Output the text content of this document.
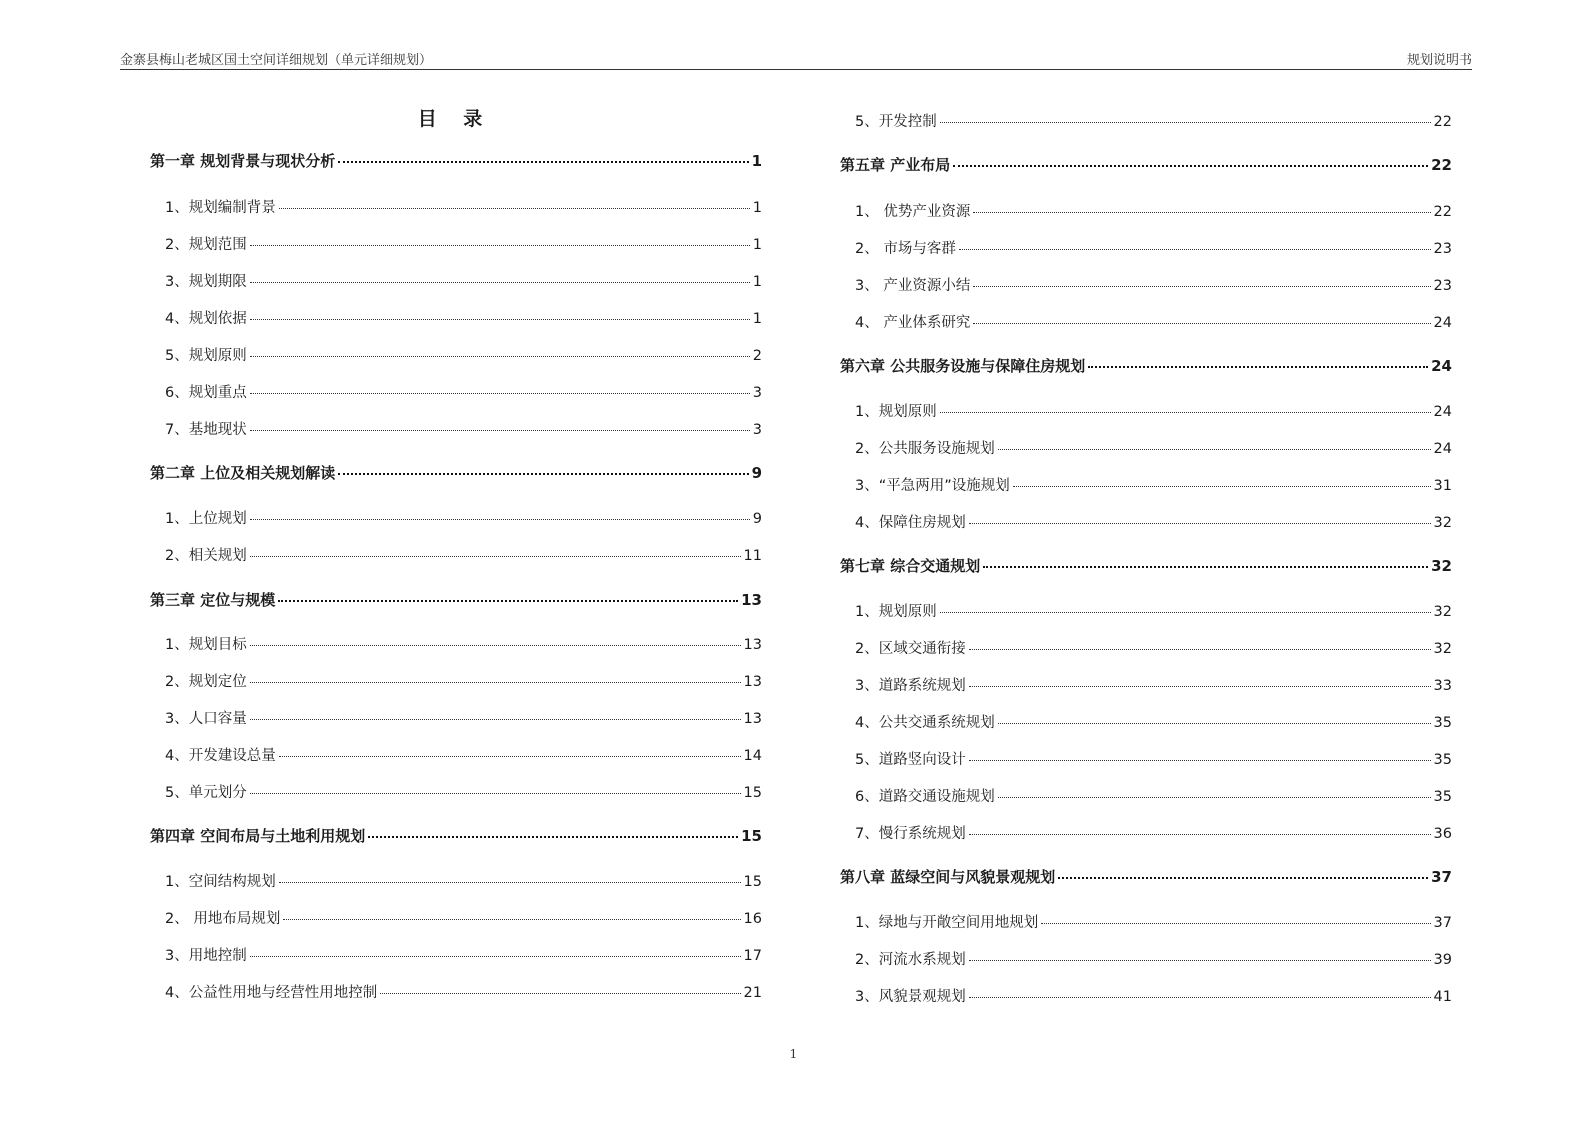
金寨县梅山老城区国土空间详细规划（单元详细规划）	规划说明书
目 录
第一章 规划背景与现状分析	1
1、规划编制背景	1
2、规划范围	1
3、规划期限	1
4、规划依据	1
5、规划原则	2
6、规划重点	3
7、基地现状	3
第二章 上位及相关规划解读	9
1、上位规划	9
2、相关规划	11
第三章 定位与规模	13
1、规划目标	13
2、规划定位	13
3、人口容量	13
4、开发建设总量	14
5、单元划分	15
第四章 空间布局与土地利用规划	15
1、空间结构规划	15
2、 用地布局规划	16
3、用地控制	17
4、公益性用地与经营性用地控制	21
5、开发控制	22
第五章 产业布局	22
1、 优势产业资源	22
2、 市场与客群	23
3、 产业资源小结	23
4、 产业体系研究	24
第六章 公共服务设施与保障住房规划	24
1、规划原则	24
2、公共服务设施规划	24
3、“平急两用”设施规划	31
4、保障住房规划	32
第七章 综合交通规划	32
1、规划原则	32
2、区域交通衔接	32
3、道路系统规划	33
4、公共交通系统规划	35
5、道路竖向设计	35
6、道路交通设施规划	35
7、慢行系统规划	36
第八章 蓝绿空间与风貌景观规划	37
1、绿地与开敞空间用地规划	37
2、河流水系规划	39
3、风貌景观规划	41
1
